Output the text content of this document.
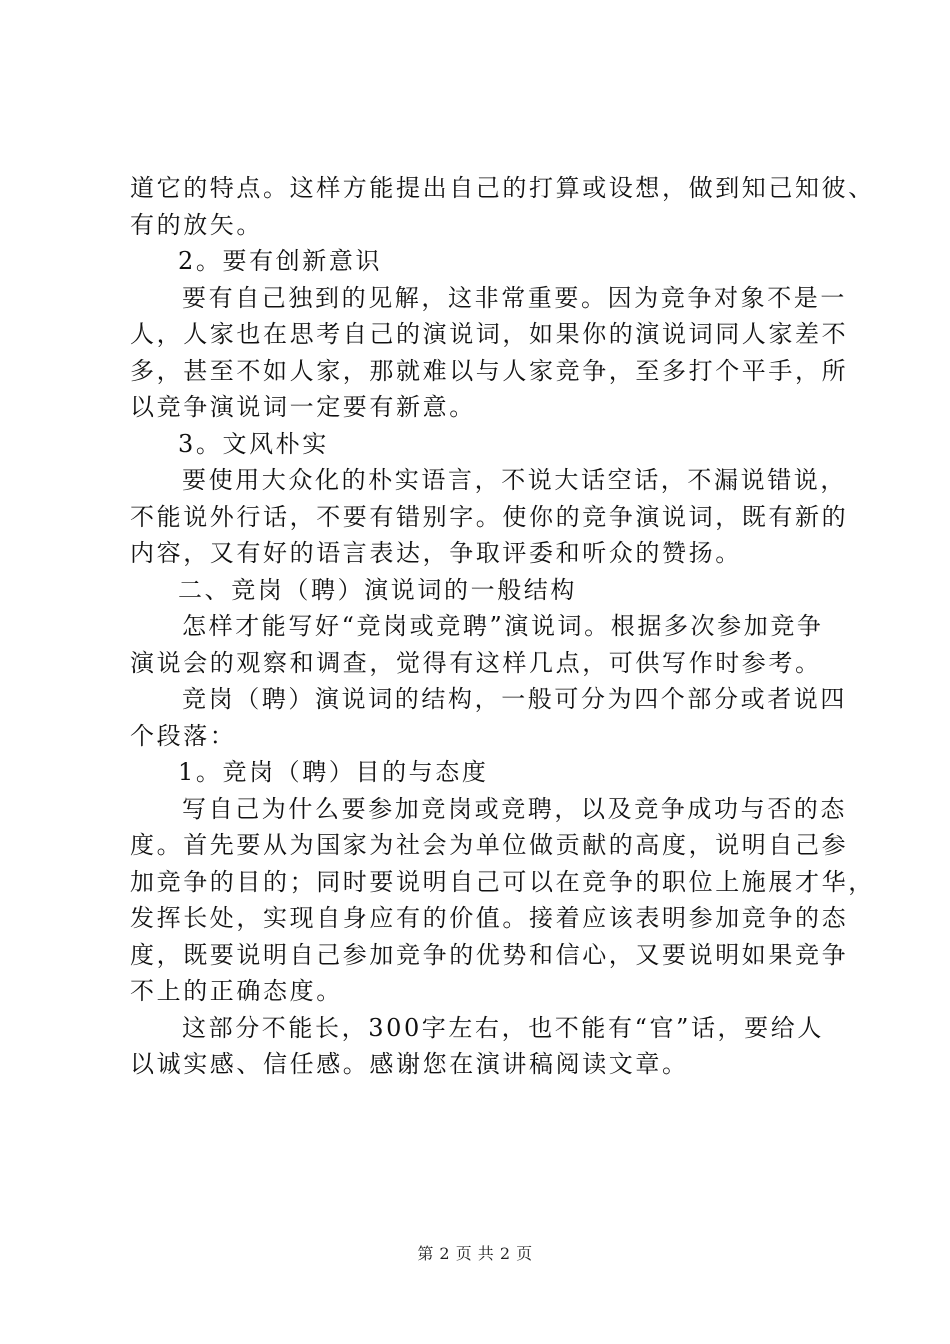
道它的特点。这样方能提出自己的打算或设想，做到知己知彼、
有的放矢。
2。要有创新意识
要有自己独到的见解，这非常重要。因为竞争对象不是一
人，人家也在思考自己的演说词，如果你的演说词同人家差不
多，甚至不如人家，那就难以与人家竞争，至多打个平手，所
以竞争演说词一定要有新意。
3。文风朴实
要使用大众化的朴实语言，不说大话空话，不漏说错说，
不能说外行话，不要有错别字。使你的竞争演说词，既有新的
内容，又有好的语言表达，争取评委和听众的赞扬。
二、竞岗（聘）演说词的一般结构
怎样才能写好“竞岗或竞聘”演说词。根据多次参加竞争
演说会的观察和调查，觉得有这样几点，可供写作时参考。
竞岗（聘）演说词的结构，一般可分为四个部分或者说四
个段落：
1。竞岗（聘）目的与态度
写自己为什么要参加竞岗或竞聘，以及竞争成功与否的态
度。首先要从为国家为社会为单位做贡献的高度，说明自己参
加竞争的目的；同时要说明自己可以在竞争的职位上施展才华，
发挥长处，实现自身应有的价值。接着应该表明参加竞争的态
度，既要说明自己参加竞争的优势和信心，又要说明如果竞争
不上的正确态度。
这部分不能长，300字左右，也不能有“官”话，要给人
以诚实感、信任感。感谢您在演讲稿阅读文章。
第 2 页 共 2 页
